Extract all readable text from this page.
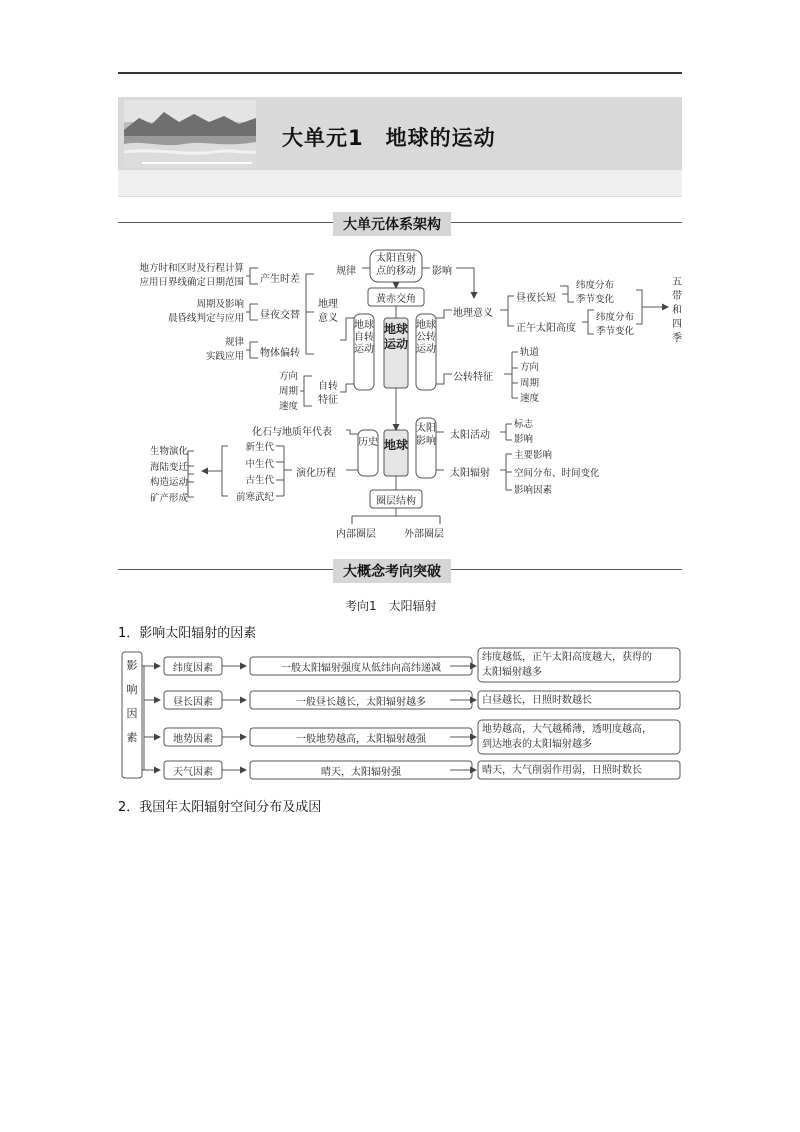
大单元1　地球的运动
大单元体系架构
地球运动
地球
地球自转运动
地球公转运动
黄赤交角
太阳直射
点的移动
规律	影响
地理
意义
产生时差
地方时和区时及行程计算
应用日界线确定日期范围
昼夜交替
周期及影响
晨昏线判定与应用
物体偏转
规律
实践应用
自转
特征
方向
周期
速度
地理意义
昼夜长短
纬度分布
季节变化
正午太阳高度
纬度分布
季节变化
五
带
和
四
季
公转特征
轨道
方向
周期
速度
历史
化石与地质年代表
演化历程
新生代
中生代
古生代
前寒武纪
生物演化
海陆变迁
构造运动
矿产形成
太阳影响
太阳活动
标志
影响
太阳辐射
主要影响
空间分布、时间变化
影响因素
圈层结构
内部圈层	外部圈层
大概念考向突破
考向1　太阳辐射
1．影响太阳辐射的因素
影响因素
纬度因素
昼长因素
地势因素
天气因素
一般太阳辐射强度从低纬向高纬递减
一般昼长越长，太阳辐射越多
一般地势越高，太阳辐射越强
晴天，太阳辐射强
纬度越低，正午太阳高度越大，获得的
太阳辐射越多
白昼越长，日照时数越长
地势越高，大气越稀薄，透明度越高，
到达地表的太阳辐射越多
晴天，大气削弱作用弱，日照时数长
2．我国年太阳辐射空间分布及成因
